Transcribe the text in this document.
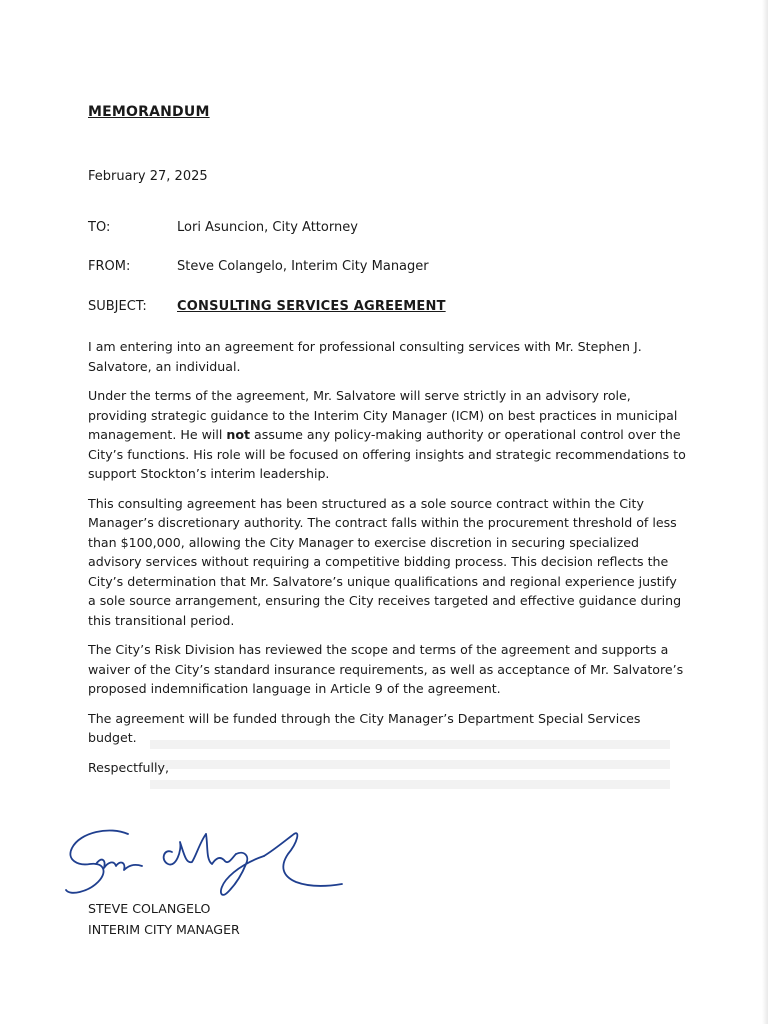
MEMORANDUM
February 27, 2025
TO:	Lori Asuncion, City Attorney
FROM:	Steve Colangelo, Interim City Manager
SUBJECT: CONSULTING SERVICES AGREEMENT

I am entering into an agreement for professional consulting services with Mr. Stephen J. Salvatore, an individual.

Under the terms of the agreement, Mr. Salvatore will serve strictly in an advisory role, providing strategic guidance to the Interim City Manager (ICM) on best practices in municipal management. He will not assume any policy-making authority or operational control over the City’s functions. His role will be focused on offering insights and strategic recommendations to support Stockton’s interim leadership.

This consulting agreement has been structured as a sole source contract within the City Manager’s discretionary authority. The contract falls within the procurement threshold of less than $100,000, allowing the City Manager to exercise discretion in securing specialized advisory services without requiring a competitive bidding process. This decision reflects the City’s determination that Mr. Salvatore’s unique qualifications and regional experience justify a sole source arrangement, ensuring the City receives targeted and effective guidance during this transitional period.

The City’s Risk Division has reviewed the scope and terms of the agreement and supports a waiver of the City’s standard insurance requirements, as well as acceptance of Mr. Salvatore’s proposed indemnification language in Article 9 of the agreement.

The agreement will be funded through the City Manager’s Department Special Services budget.

Respectfully,

STEVE COLANGELO
INTERIM CITY MANAGER
